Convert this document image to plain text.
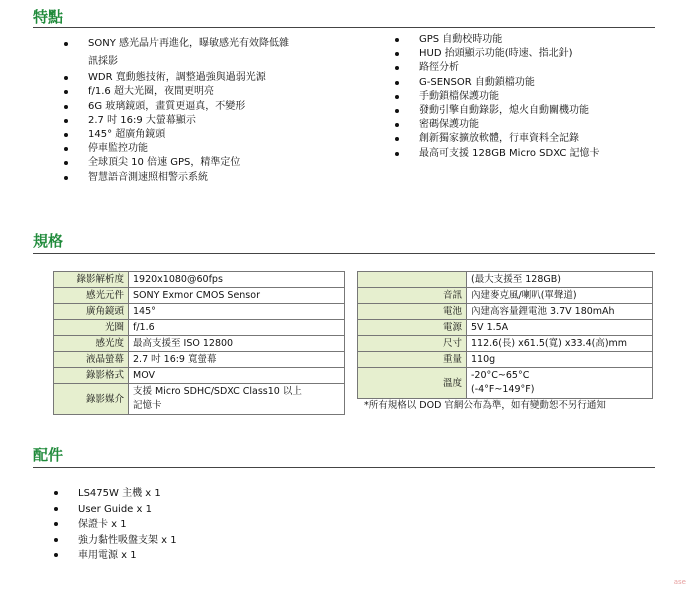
特點
SONY 感光晶片再進化，曝敏感光有效降低雜
訊採影
WDR 寬動態技術，調整過強與過弱光源
f/1.6 超大光圈，夜間更明亮
6G 玻璃鏡頭，畫質更逼真，不變形
2.7 吋 16:9 大螢幕顯示
145° 超廣角鏡頭
停車監控功能
全球頂尖 10 倍速 GPS，精準定位
智慧語音測速照相警示系統
GPS 自動校時功能
HUD 抬頭顯示功能(時速、指北針)
路徑分析
G-SENSOR 自動鎖檔功能
手動鎖檔保護功能
發動引擎自動錄影，熄火自動關機功能
密碼保護功能
創新獨家擴放軟體，行車資料全記錄
最高可支援 128GB Micro SDXC 記憶卡
規格
錄影解析度	1920x1080@60fps
感光元件	SONY Exmor CMOS Sensor
廣角鏡頭	145°
光圈	f/1.6
感光度	最高支援至 ISO 12800
液晶螢幕	2.7 吋 16:9 寬螢幕
錄影格式	MOV
錄影媒介	支援 Micro SDHC/SDXC Class10 以上
記憶卡
	(最大支援至 128GB)
音訊	內建麥克風/喇叭(單聲道)
電池	內建高容量鋰電池 3.7V 180mAh
電源	5V 1.5A
尺寸	112.6(長) x61.5(寬) x33.4(高)mm
重量	110g
溫度	-20°C~65°C
(-4°F~149°F)
*所有規格以 DOD 官網公布為準，如有變動恕不另行通知
配件
LS475W 主機 x 1
User Guide x 1
保證卡 x 1
強力黏性吸盤支架 x 1
車用電源 x 1
ase
